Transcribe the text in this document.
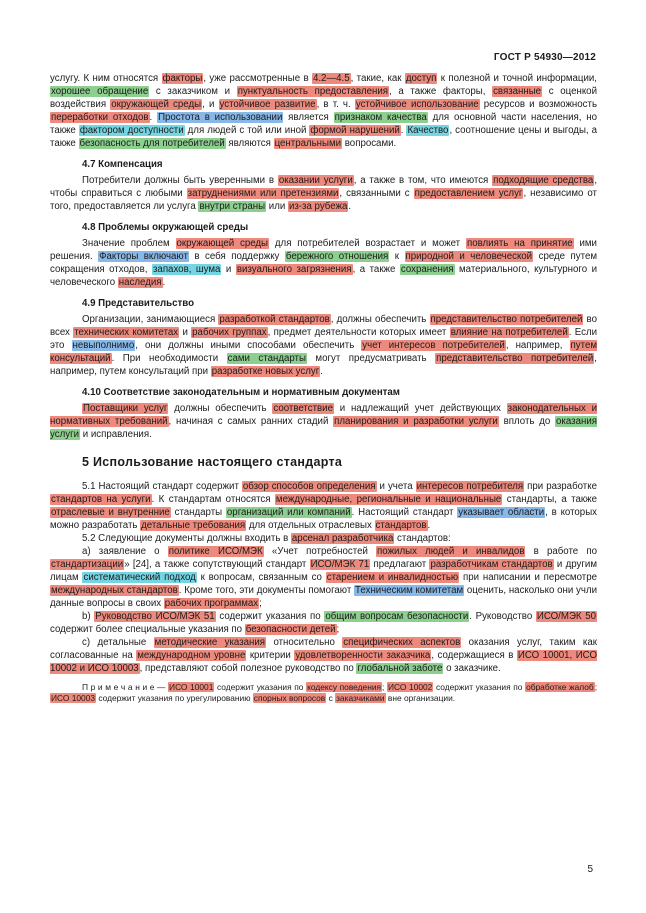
ГОСТ Р 54930—2012

услугу. К ним относятся факторы, уже рассмотренные в 4.2—4.5, такие, как доступ к полезной и точной информации, хорошее обращение с заказчиком и пунктуальность предоставления, а также факторы, связанные с оценкой воздействия окружающей среды, и устойчивое развитие, в т. ч. устойчивое использование ресурсов и возможность переработки отходов. Простота в использовании является признаком качества для основной части населения, но также фактором доступности для людей с той или иной формой нарушений. Качество, соотношение цены и выгоды, а также безопасность для потребителей являются центральными вопросами.

4.7 Компенсация

Потребители должны быть уверенными в оказании услуги, а также в том, что имеются подходящие средства, чтобы справиться с любыми затруднениями или претензиями, связанными с предоставлением услуг, независимо от того, предоставляется ли услуга внутри страны или из-за рубежа.

4.8 Проблемы окружающей среды

Значение проблем окружающей среды для потребителей возрастает и может повлиять на принятие ими решения. Факторы включают в себя поддержку бережного отношения к природной и человеческой среде путем сокращения отходов, запахов, шума и визуального загрязнения, а также сохранения материального, культурного и человеческого наследия.

4.9 Представительство

Организации, занимающиеся разработкой стандартов, должны обеспечить представительство потребителей во всех технических комитетах и рабочих группах, предмет деятельности которых имеет влияние на потребителей. Если это невыполнимо, они должны иными способами обеспечить учет интересов потребителей, например, путем консультаций. При необходимости сами стандарты могут предусматривать представительство потребителей, например, путем консультаций при разработке новых услуг.

4.10 Соответствие законодательным и нормативным документам

Поставщики услуг должны обеспечить соответствие и надлежащий учет действующих законодательных и нормативных требований, начиная с самых ранних стадий планирования и разработки услуги вплоть до оказания услуги и исправления.

5 Использование настоящего стандарта

5.1 Настоящий стандарт содержит обзор способов определения и учета интересов потребителя при разработке стандартов на услуги. К стандартам относятся международные, региональные и национальные стандарты, а также отраслевые и внутренние стандарты организаций или компаний. Настоящий стандарт указывает области, в которых можно разработать детальные требования для отдельных отраслевых стандартов.

5.2 Следующие документы должны входить в арсенал разработчика стандартов:

а) заявление о политике ИСО/МЭК «Учет потребностей пожилых людей и инвалидов в работе по стандартизации» [24], а также сопутствующий стандарт ИСО/МЭК 71 предлагают разработчикам стандартов и другим лицам систематический подход к вопросам, связанным со старением и инвалидностью при написании и пересмотре международных стандартов. Кроме того, эти документы помогают Техническим комитетам оценить, насколько они учли данные вопросы в своих рабочих программах;

b) Руководство ИСО/МЭК 51 содержит указания по общим вопросам безопасности. Руководство ИСО/МЭК 50 содержит более специальные указания по безопасности детей;

с) детальные методические указания относительно специфических аспектов оказания услуг, таким как согласованные на международном уровне критерии удовлетворенности заказчика, содержащиеся в ИСО 10001, ИСО 10002 и ИСО 10003, представляют собой полезное руководство по глобальной заботе о заказчике.

П р и м е ч а н и е — ИСО 10001 содержит указания по кодексу поведения; ИСО 10002 содержит указания по обработке жалоб; ИСО 10003 содержит указания по урегулированию спорных вопросов с заказчиками вне организации.

5
